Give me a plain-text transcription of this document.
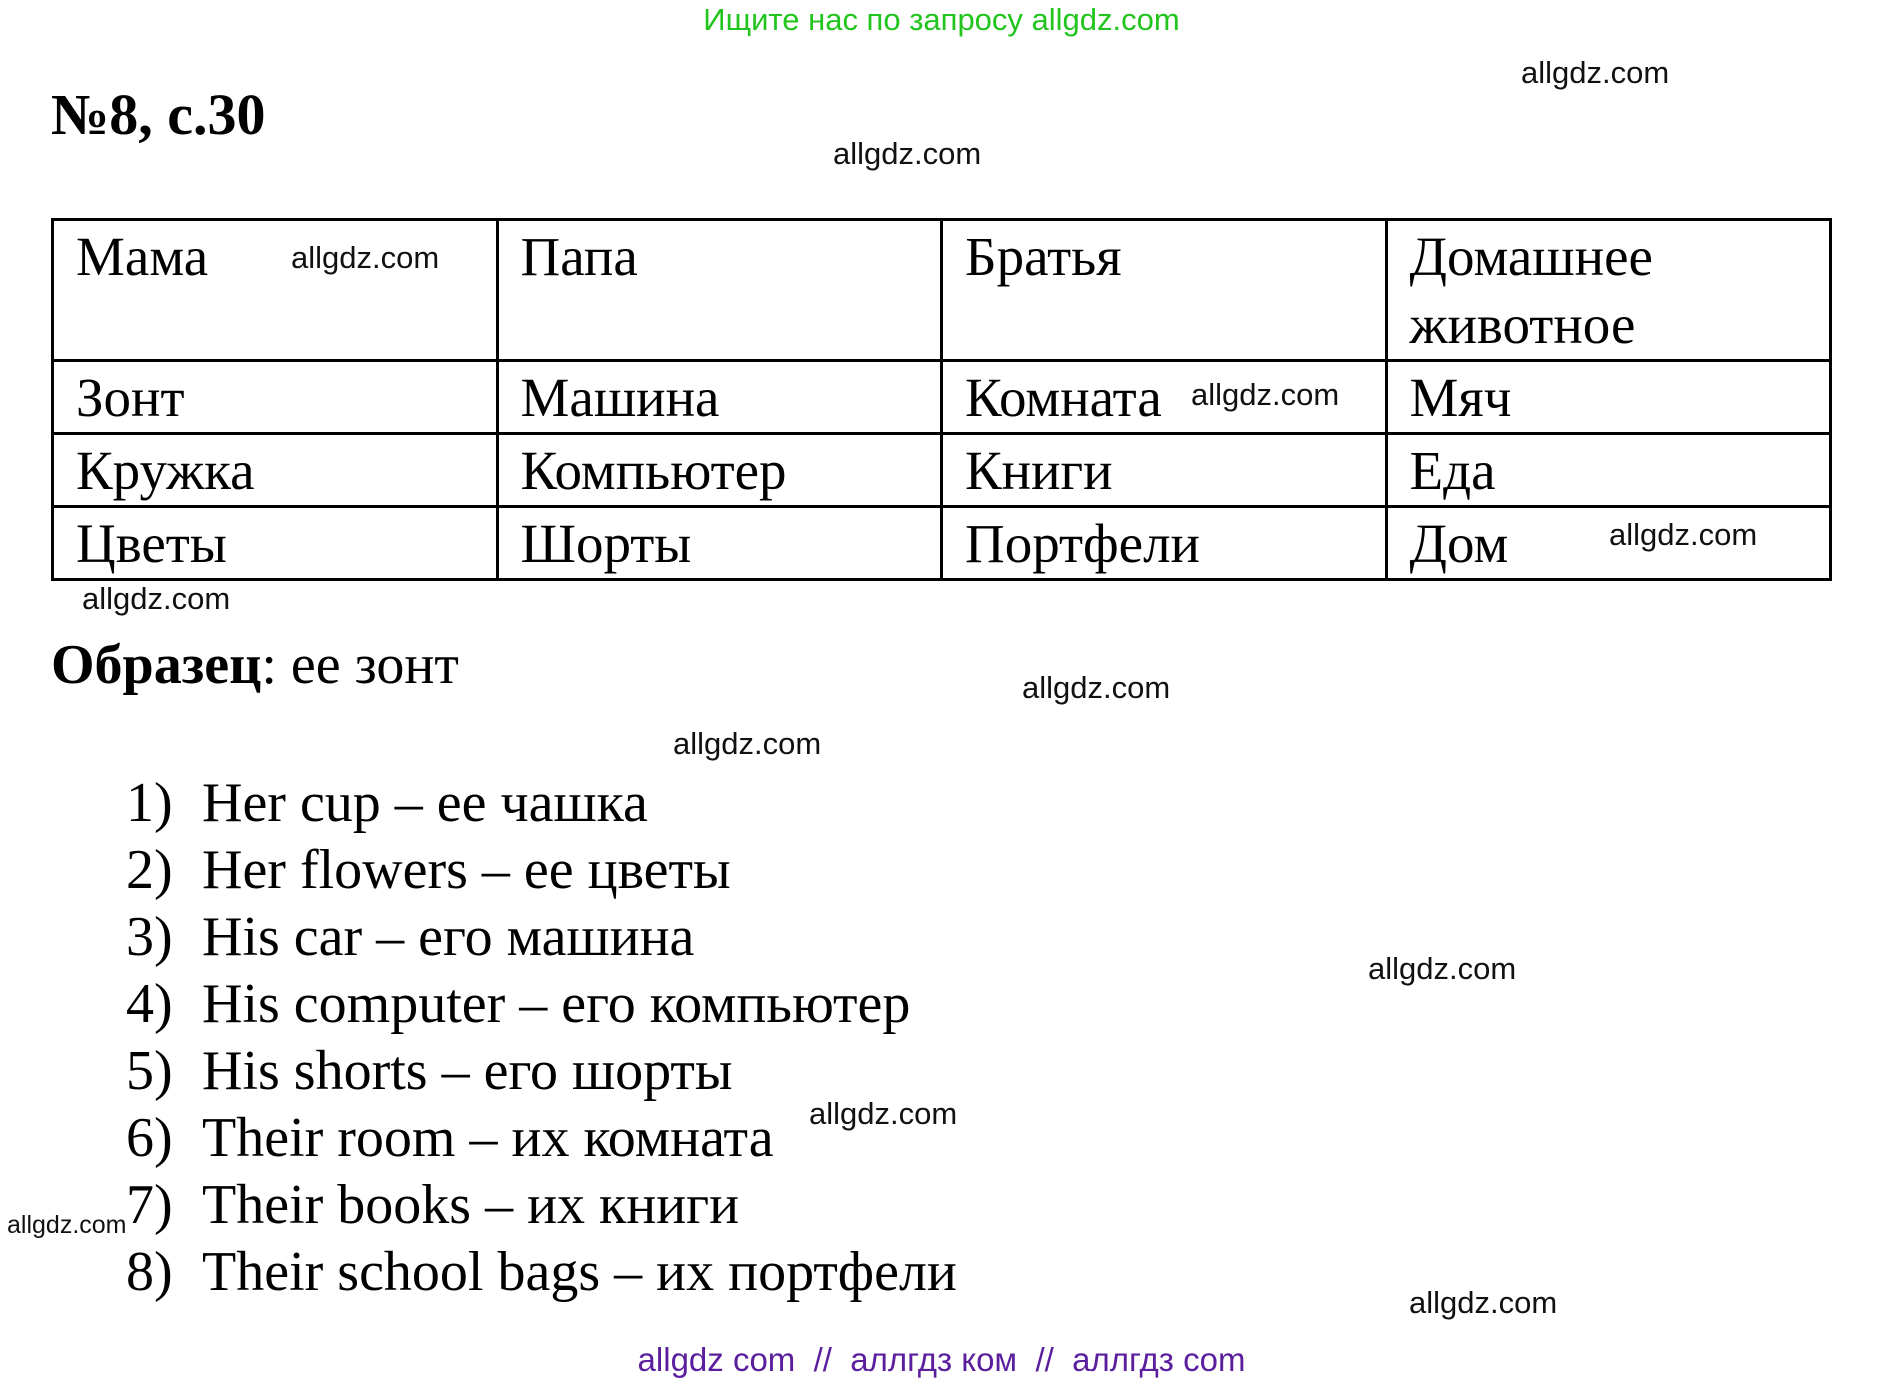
Ищите нас по запросу allgdz.com
№8, с.30
Мама	Папа	Братья	Домашнее животное
Зонт	Машина	Комната	Мяч
Кружка	Компьютер	Книги	Еда
Цветы	Шорты	Портфели	Дом
Образец: ее зонт
1) Her cup – ее чашка
2) Her flowers – ее цветы
3) His car – его машина
4) His computer – его компьютер
5) His shorts – его шорты
6) Their room – их комната
7) Their books – их книги
8) Their school bags – их портфели
allgdz.com
allgdz.com
allgdz.com
allgdz.com
allgdz.com
allgdz.com
allgdz.com
allgdz.com
allgdz.com
allgdz.com
allgdz.com
allgdz.com
allgdz com  //  аллгдз ком  //  аллгдз com
